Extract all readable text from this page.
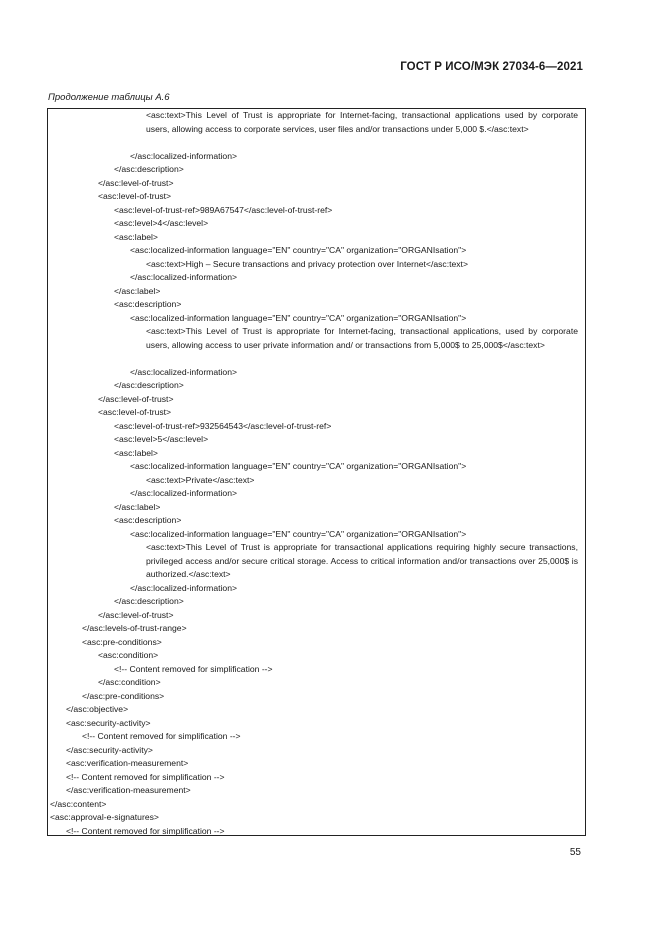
ГОСТ Р ИСО/МЭК 27034-6—2021
Продолжение таблицы А.6
<asc:text>This Level of Trust is appropriate for Internet-facing, transactional applications used by corporate users, allowing access to corporate services, user files and/or transactions under 5,000 $.</asc:text>
</asc:localized-information>
</asc:description>
</asc:level-of-trust>
<asc:level-of-trust>
<asc:level-of-trust-ref>989A67547</asc:level-of-trust-ref>
<asc:level>4</asc:level>
<asc:label>
<asc:localized-information language="EN" country="CA" organization="ORGANIsation">
<asc:text>High – Secure transactions and privacy protection over Internet</asc:text>
</asc:localized-information>
</asc:label>
<asc:description>
<asc:localized-information language="EN" country="CA" organization="ORGANIsation">
<asc:text>This Level of Trust is appropriate for Internet-facing, transactional applications, used by corporate users, allowing access to user private information and/ or transactions from 5,000$ to 25,000$</asc:text>
</asc:localized-information>
</asc:description>
</asc:level-of-trust>
<asc:level-of-trust>
<asc:level-of-trust-ref>932564543</asc:level-of-trust-ref>
<asc:level>5</asc:level>
<asc:label>
<asc:localized-information language="EN" country="CA" organization="ORGANIsation">
<asc:text>Private</asc:text>
</asc:localized-information>
</asc:label>
<asc:description>
<asc:localized-information language="EN" country="CA" organization="ORGANIsation">
<asc:text>This Level of Trust is appropriate for transactional applications requiring highly secure transactions, privileged access and/or secure critical storage. Access to critical information and/or transactions over 25,000$ is authorized.</asc:text>
</asc:localized-information>
</asc:description>
</asc:level-of-trust>
</asc:levels-of-trust-range>
<asc:pre-conditions>
<asc:condition>
<!-- Content removed for simplification -->
</asc:condition>
</asc:pre-conditions>
</asc:objective>
<asc:security-activity>
<!-- Content removed for simplification -->
</asc:security-activity>
<asc:verification-measurement>
<!-- Content removed for simplification -->
</asc:verification-measurement>
</asc:content>
<asc:approval-e-signatures>
<!-- Content removed for simplification -->
55
